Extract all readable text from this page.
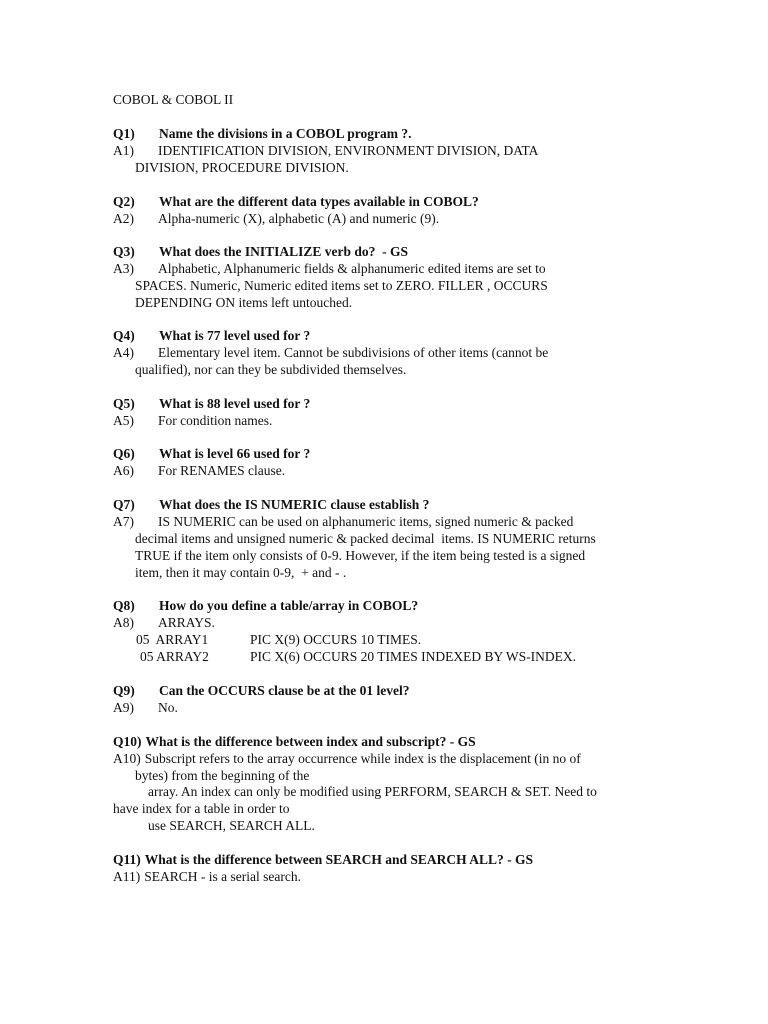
COBOL & COBOL II

Q1) Name the divisions in a COBOL program ?.

A1) IDENTIFICATION DIVISION, ENVIRONMENT DIVISION, DATA

DIVISION, PROCEDURE DIVISION.

Q2) What are the different data types available in COBOL?

A2) Alpha-numeric (X), alphabetic (A) and numeric (9).

Q3) What does the INITIALIZE verb do?  - GS

A3) Alphabetic, Alphanumeric fields & alphanumeric edited items are set to

SPACES. Numeric, Numeric edited items set to ZERO. FILLER , OCCURS

DEPENDING ON items left untouched.

Q4) What is 77 level used for ?

A4) Elementary level item. Cannot be subdivisions of other items (cannot be

qualified), nor can they be subdivided themselves.

Q5) What is 88 level used for ?

A5) For condition names.

Q6) What is level 66 used for ?

A6) For RENAMES clause.

Q7) What does the IS NUMERIC clause establish ?

A7) IS NUMERIC can be used on alphanumeric items, signed numeric & packed

decimal items and unsigned numeric & packed decimal  items. IS NUMERIC returns

TRUE if the item only consists of 0-9. However, if the item being tested is a signed

item, then it may contain 0-9,  + and - .

Q8) How do you define a table/array in COBOL?

A8) ARRAYS.

05  ARRAY1	PIC X(9) OCCURS 10 TIMES.

05 ARRAY2	PIC X(6) OCCURS 20 TIMES INDEXED BY WS-INDEX.

Q9) Can the OCCURS clause be at the 01 level?

A9) No.

Q10) What is the difference between index and subscript? - GS

A10) Subscript refers to the array occurrence while index is the displacement (in no of

bytes) from the beginning of the

array. An index can only be modified using PERFORM, SEARCH & SET. Need to

have index for a table in order to

use SEARCH, SEARCH ALL.

Q11) What is the difference between SEARCH and SEARCH ALL? - GS

A11) SEARCH - is a serial search.
